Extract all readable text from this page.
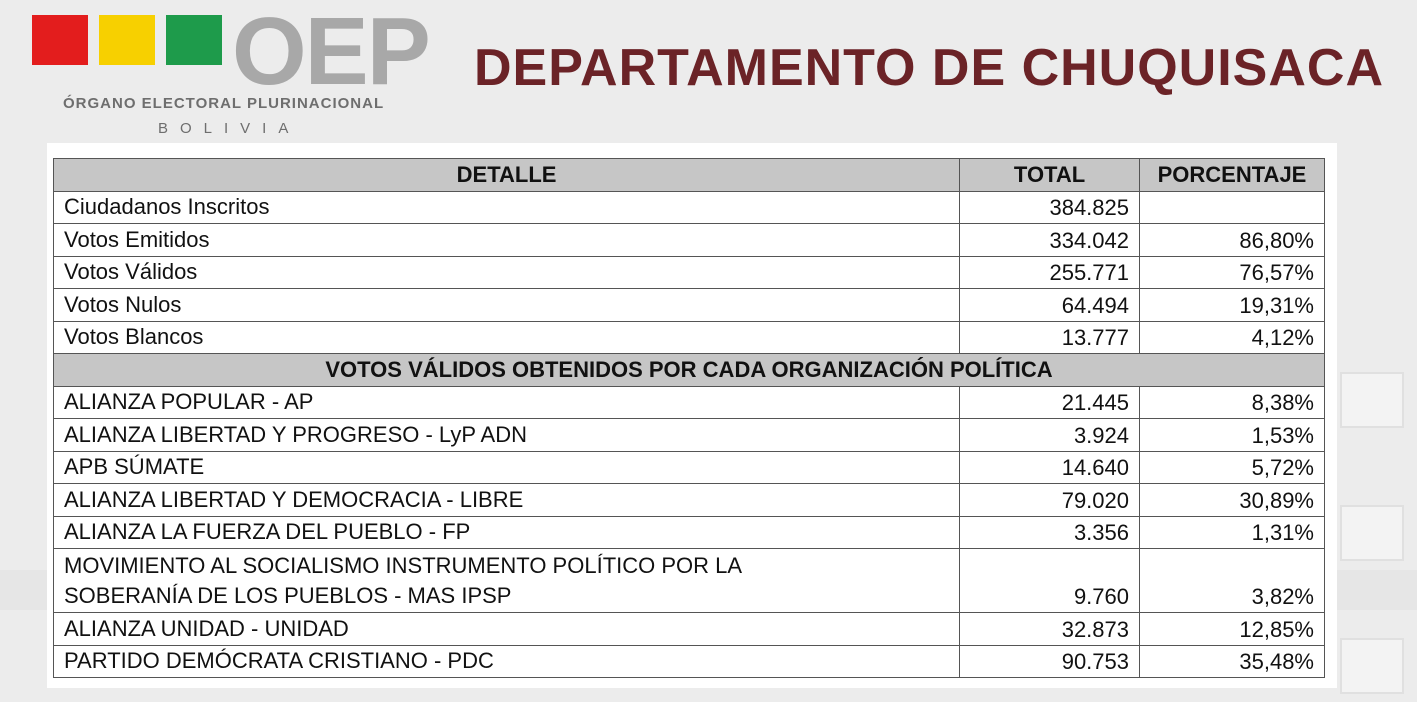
OEP
ÓRGANO ELECTORAL PLURINACIONAL
BOLIVIA
DEPARTAMENTO DE CHUQUISACA
DETALLE	TOTAL	PORCENTAJE
Ciudadanos Inscritos	384.825	
Votos Emitidos	334.042	86,80%
Votos Válidos	255.771	76,57%
Votos Nulos	64.494	19,31%
Votos Blancos	13.777	4,12%
VOTOS VÁLIDOS OBTENIDOS POR CADA ORGANIZACIÓN POLÍTICA		
ALIANZA POPULAR - AP	21.445	8,38%
ALIANZA LIBERTAD Y PROGRESO - LyP ADN	3.924	1,53%
APB SÚMATE	14.640	5,72%
ALIANZA LIBERTAD Y DEMOCRACIA - LIBRE	79.020	30,89%
ALIANZA LA FUERZA DEL PUEBLO - FP	3.356	1,31%

MOVIMIENTO AL SOCIALISMO INSTRUMENTO POLÍTICO POR LA
SOBERANÍA DE LOS PUEBLOS - MAS IPSP	9.760	3,82%
ALIANZA UNIDAD - UNIDAD	32.873	12,85%
PARTIDO DEMÓCRATA CRISTIANO - PDC	90.753	35,48%
